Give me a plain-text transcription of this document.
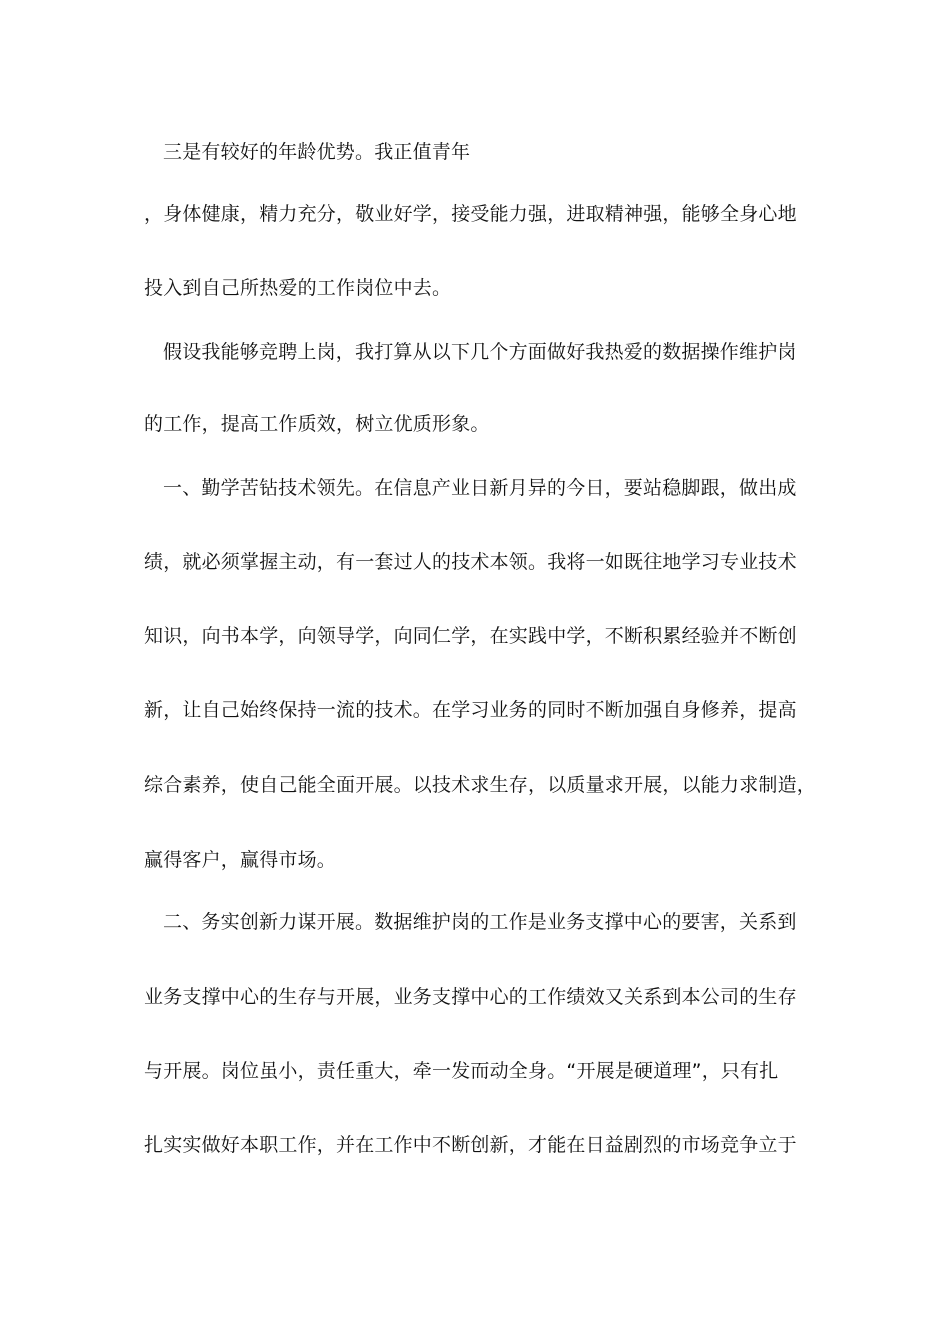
三是有较好的年龄优势。我正值青年
，身体健康，精力充分，敬业好学，接受能力强，进取精神强，能够全身心地
投入到自己所热爱的工作岗位中去。
假设我能够竞聘上岗，我打算从以下几个方面做好我热爱的数据操作维护岗
的工作，提高工作质效，树立优质形象。
一、勤学苦钻技术领先。在信息产业日新月异的今日，要站稳脚跟，做出成
绩，就必须掌握主动，有一套过人的技术本领。我将一如既往地学习专业技术
知识，向书本学，向领导学，向同仁学，在实践中学，不断积累经验并不断创
新，让自己始终保持一流的技术。在学习业务的同时不断加强自身修养，提高
综合素养，使自己能全面开展。以技术求生存，以质量求开展，以能力求制造，
赢得客户，赢得市场。
二、务实创新力谋开展。数据维护岗的工作是业务支撑中心的要害，关系到
业务支撑中心的生存与开展，业务支撑中心的工作绩效又关系到本公司的生存
与开展。岗位虽小，责任重大，牵一发而动全身。“开展是硬道理”，只有扎
扎实实做好本职工作，并在工作中不断创新，才能在日益剧烈的市场竞争立于
